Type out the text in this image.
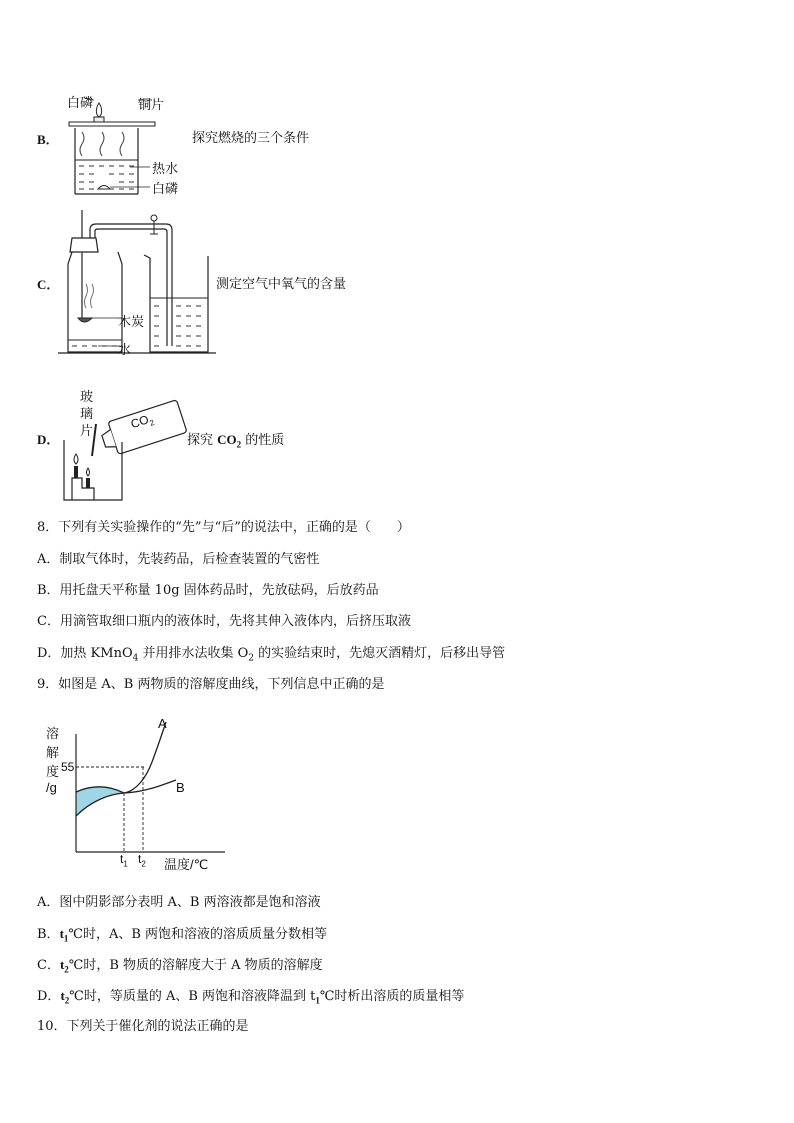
B．
白磷	铜片
热水
白磷
探究燃烧的三个条件
C．
木炭
水
测定空气中氧气的含量
D．
玻
璃
片	$CO_2$
探究 $CO_2$ 的性质
8．下列有关实验操作的“先”与“后”的说法中，正确的是（　　）
A．制取气体时，先装药品，后检查装置的气密性
B．用托盘天平称量 10g 固体药品时，先放砝码，后放药品
C．用滴管取细口瓶内的液体时，先将其伸入液体内，后挤压取液
D．加热 KMnO$_4$ 并用排水法收集 $O_2$ 的实验结束时，先熄灭酒精灯，后移出导管
9．如图是 A、B 两物质的溶解度曲线，下列信息中正确的是
溶
解
度
/g
55
A
B
$t_1$ $t_2$ 温度/℃
A．图中阴影部分表明 A、B 两溶液都是饱和溶液
B．$t_1℃$时，A、B 两饱和溶液的溶质质量分数相等
C．$t_2℃$时，B 物质的溶解度大于 A 物质的溶解度
D．$t_2℃$时，等质量的 A、B 两饱和溶液降温到 $t_1℃$时析出溶质的质量相等
10．下列关于催化剂的说法正确的是
